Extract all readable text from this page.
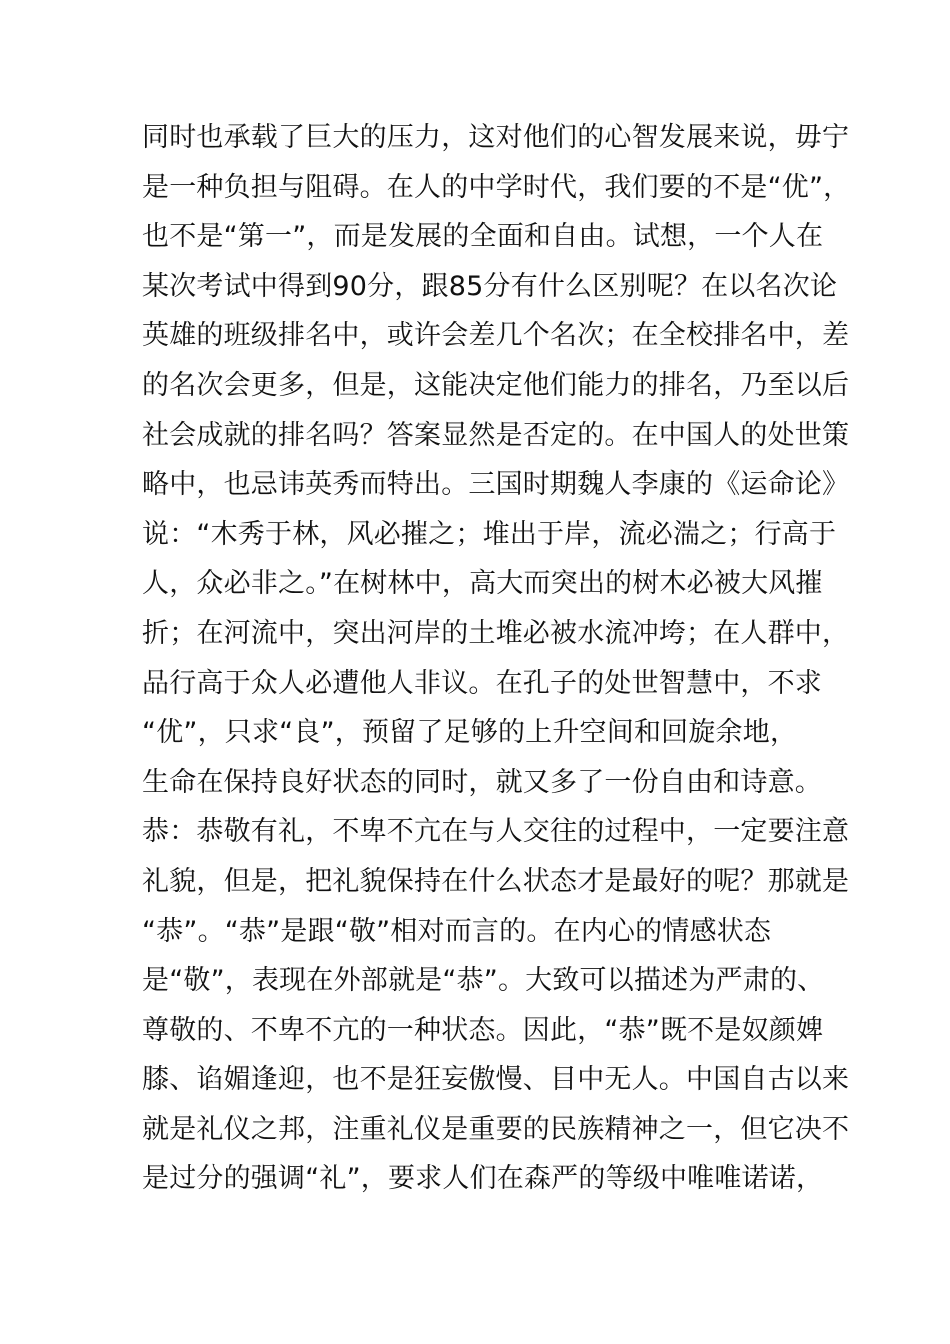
同时也承载了巨大的压力，这对他们的心智发展来说，毋宁
是一种负担与阻碍。在人的中学时代，我们要的不是“优”，
也不是“第一”，而是发展的全面和自由。试想，一个人在
某次考试中得到90分，跟85分有什么区别呢？在以名次论
英雄的班级排名中，或许会差几个名次；在全校排名中，差
的名次会更多，但是，这能决定他们能力的排名，乃至以后
社会成就的排名吗？答案显然是否定的。在中国人的处世策
略中，也忌讳英秀而特出。三国时期魏人李康的《运命论》
说：“木秀于林，风必摧之；堆出于岸，流必湍之；行高于
人，众必非之。”在树林中，高大而突出的树木必被大风摧
折；在河流中，突出河岸的土堆必被水流冲垮；在人群中，
品行高于众人必遭他人非议。在孔子的处世智慧中，不求
“优”，只求“良”，预留了足够的上升空间和回旋余地，
生命在保持良好状态的同时，就又多了一份自由和诗意。
恭：恭敬有礼，不卑不亢在与人交往的过程中，一定要注意
礼貌，但是，把礼貌保持在什么状态才是最好的呢？那就是
“恭”。“恭”是跟“敬”相对而言的。在内心的情感状态
是“敬”，表现在外部就是“恭”。大致可以描述为严肃的、
尊敬的、不卑不亢的一种状态。因此，“恭”既不是奴颜婢
膝、谄媚逢迎，也不是狂妄傲慢、目中无人。中国自古以来
就是礼仪之邦，注重礼仪是重要的民族精神之一，但它决不
是过分的强调“礼”，要求人们在森严的等级中唯唯诺诺，
